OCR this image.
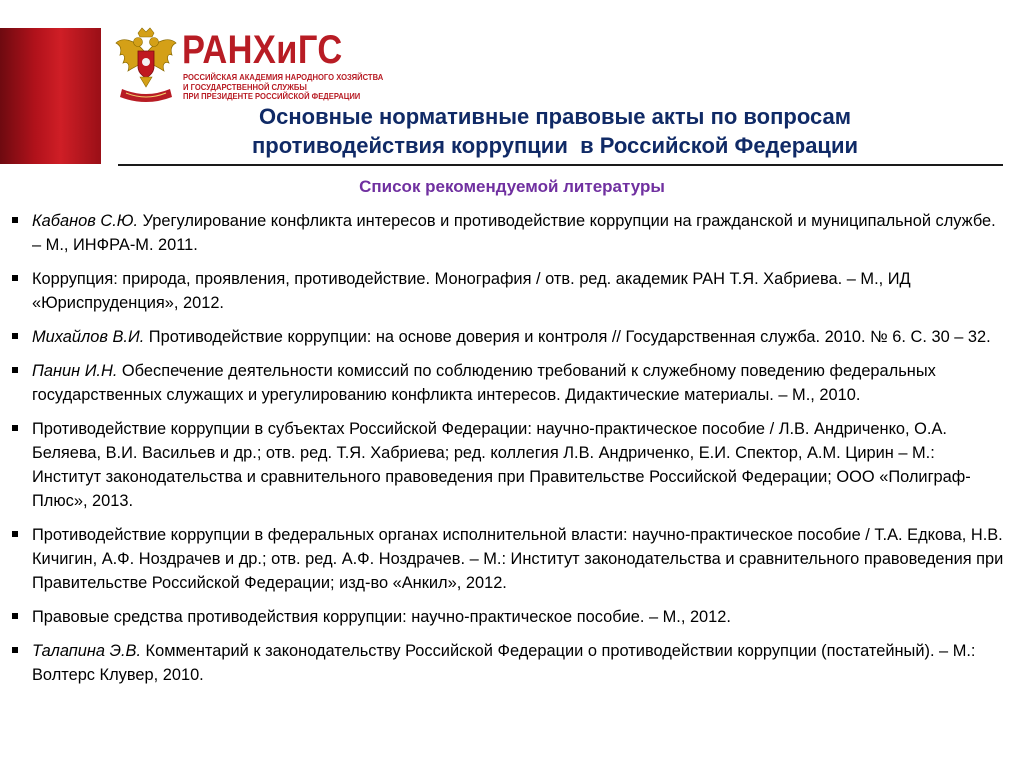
РАНХиГС
РОССИЙСКАЯ АКАДЕМИЯ НАРОДНОГО ХОЗЯЙСТВА
И ГОСУДАРСТВЕННОЙ СЛУЖБЫ
ПРИ ПРЕЗИДЕНТЕ РОССИЙСКОЙ ФЕДЕРАЦИИ
Основные нормативные правовые акты по вопросам
противодействия коррупции  в Российской Федерации
Список рекомендуемой литературы
Кабанов С.Ю. Урегулирование конфликта интересов и противодействие коррупции на гражданской и муниципальной службе. – М., ИНФРА-М. 2011.
Коррупция: природа, проявления, противодействие. Монография / отв. ред. академик РАН Т.Я. Хабриева. – М., ИД «Юриспруденция», 2012.
Михайлов В.И. Противодействие коррупции: на основе доверия и контроля // Государственная служба. 2010. № 6. С. 30 – 32.
Панин И.Н. Обеспечение деятельности комиссий по соблюдению требований к служебному поведению федеральных государственных служащих и урегулированию конфликта интересов. Дидактические материалы. – М., 2010.
Противодействие коррупции в субъектах Российской Федерации: научно-практическое пособие / Л.В. Андриченко, О.А. Беляева, В.И. Васильев и др.; отв. ред. Т.Я. Хабриева; ред. коллегия Л.В. Андриченко, Е.И. Спектор, А.М. Цирин – М.: Институт законодательства и сравнительного правоведения при Правительстве Российской Федерации; ООО «Полиграф-Плюс», 2013.
Противодействие коррупции в федеральных органах исполнительной власти: научно-практическое пособие / Т.А. Едкова, Н.В. Кичигин, А.Ф. Ноздрачев и др.; отв. ред. А.Ф. Ноздрачев. – М.: Институт законодательства и сравнительного правоведения при Правительстве Российской Федерации; изд-во «Анкил», 2012.
Правовые средства противодействия коррупции: научно-практическое пособие. – М., 2012.
Талапина Э.В. Комментарий к законодательству Российской Федерации о противодействии коррупции (постатейный). – М.: Волтерс Клувер, 2010.
